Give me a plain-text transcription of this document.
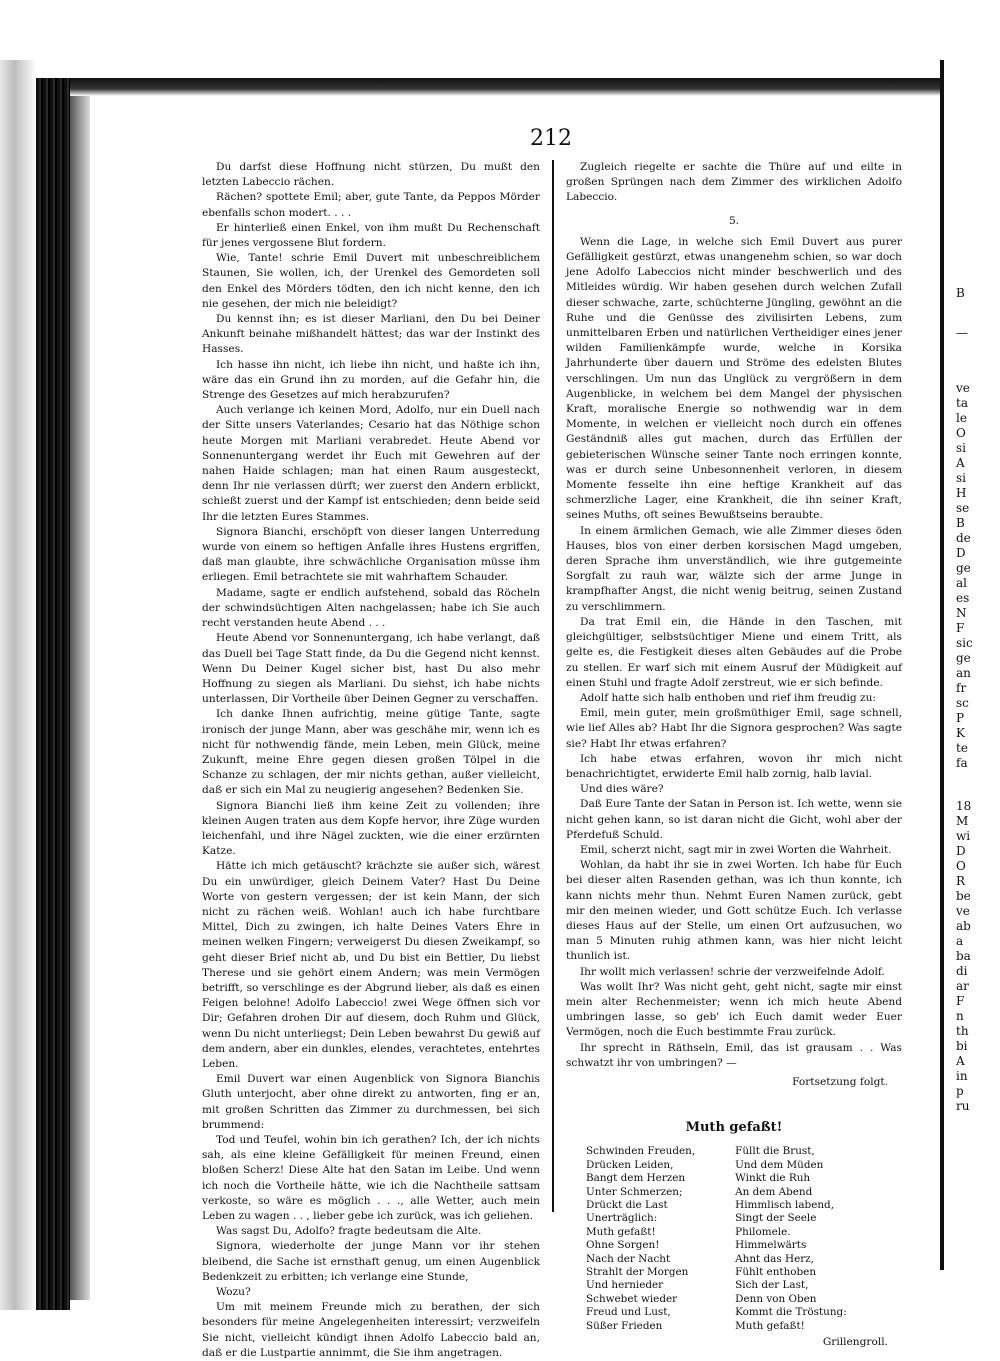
B
—
ve
ta
le
O
si
A
si
H
se
B
de
D
ge
al
es
N
F
sic
ge
an
fr
sc
P
K
te
fa
18
M
wi
D
O
R
be
ve
ab
a
ba
di
ar
F
n
th
bi
A
in
p
ru
212

Du darfst diese Hoffnung nicht stürzen, Du mußt den letzten Labeccio rächen.

Rächen? spottete Emil; aber, gute Tante, da Peppos Mörder ebenfalls schon modert. . . .

Er hinterließ einen Enkel, von ihm mußt Du Rechenschaft für jenes vergossene Blut fordern.

Wie, Tante! schrie Emil Duvert mit unbeschreiblichem Staunen, Sie wollen, ich, der Urenkel des Gemordeten soll den Enkel des Mörders tödten, den ich nicht kenne, den ich nie gesehen, der mich nie beleidigt?

Du kennst ihn; es ist dieser Marliani, den Du bei Deiner Ankunft beinahe mißhandelt hättest; das war der Instinkt des Hasses.

Ich hasse ihn nicht, ich liebe ihn nicht, und haßte ich ihn, wäre das ein Grund ihn zu morden, auf die Gefahr hin, die Strenge des Gesetzes auf mich herabzurufen?

Auch verlange ich keinen Mord, Adolfo, nur ein Duell nach der Sitte unsers Vaterlandes; Cesario hat das Nöthige schon heute Morgen mit Marliani verabredet. Heute Abend vor Sonnenuntergang werdet ihr Euch mit Gewehren auf der nahen Haide schlagen; man hat einen Raum ausgesteckt, denn Ihr nie verlassen dürft; wer zuerst den Andern erblickt, schießt zuerst und der Kampf ist entschieden; denn beide seid Ihr die letzten Eures Stammes.

Signora Bianchi, erschöpft von dieser langen Unterredung wurde von einem so heftigen Anfalle ihres Hustens ergriffen, daß man glaubte, ihre schwächliche Organisation müsse ihm erliegen. Emil betrachtete sie mit wahrhaftem Schauder.

Madame, sagte er endlich aufstehend, sobald das Röcheln der schwindsüchtigen Alten nachgelassen; habe ich Sie auch recht verstanden heute Abend . . .

Heute Abend vor Sonnenuntergang, ich habe verlangt, daß das Duell bei Tage Statt finde, da Du die Gegend nicht kennst. Wenn Du Deiner Kugel sicher bist, hast Du also mehr Hoffnung zu siegen als Marliani. Du siehst, ich habe nichts unterlassen, Dir Vortheile über Deinen Gegner zu verschaffen.

Ich danke Ihnen aufrichtig, meine gütige Tante, sagte ironisch der junge Mann, aber was geschähe mir, wenn ich es nicht für nothwendig fände, mein Leben, mein Glück, meine Zukunft, meine Ehre gegen diesen großen Tölpel in die Schanze zu schlagen, der mir nichts gethan, außer vielleicht, daß er sich ein Mal zu neugierig angesehen? Bedenken Sie.

Signora Bianchi ließ ihm keine Zeit zu vollenden; ihre kleinen Augen traten aus dem Kopfe hervor, ihre Züge wurden leichenfahl, und ihre Nägel zuckten, wie die einer erzürnten Katze.

Hätte ich mich getäuscht? krächzte sie außer sich, wärest Du ein unwürdiger, gleich Deinem Vater? Hast Du Deine Worte von gestern vergessen; der ist kein Mann, der sich nicht zu rächen weiß. Wohlan! auch ich habe furchtbare Mittel, Dich zu zwingen, ich halte Deines Vaters Ehre in meinen welken Fingern; verweigerst Du diesen Zweikampf, so geht dieser Brief nicht ab, und Du bist ein Bettler, Du liebst Therese und sie gehört einem Andern; was mein Vermögen betrifft, so verschlinge es der Abgrund lieber, als daß es einen Feigen belohne! Adolfo Labeccio! zwei Wege öffnen sich vor Dir; Gefahren drohen Dir auf diesem, doch Ruhm und Glück, wenn Du nicht unterliegst; Dein Leben bewahrst Du gewiß auf dem andern, aber ein dunkles, elendes, verachtetes, entehrtes Leben.

Emil Duvert war einen Augenblick von Signora Bianchis Gluth unterjocht, aber ohne direkt zu antworten, fing er an, mit großen Schritten das Zimmer zu durchmessen, bei sich brummend:

Tod und Teufel, wohin bin ich gerathen? Ich, der ich nichts sah, als eine kleine Gefälligkeit für meinen Freund, einen bloßen Scherz! Diese Alte hat den Satan im Leibe. Und wenn ich noch die Vortheile hätte, wie ich die Nachtheile sattsam verkoste, so wäre es möglich . . ., alle Wetter, auch mein Leben zu wagen . . , lieber gebe ich zurück, was ich geliehen.

Was sagst Du, Adolfo? fragte bedeutsam die Alte.

Signora, wiederholte der junge Mann vor ihr stehen bleibend, die Sache ist ernsthaft genug, um einen Augenblick Bedenkzeit zu erbitten; ich verlange eine Stunde,

Wozu?

Um mit meinem Freunde mich zu berathen, der sich besonders für meine Angelegenheiten interessirt; verzweifeln Sie nicht, vielleicht kündigt ihnen Adolfo Labeccio bald an, daß er die Lustpartie annimmt, die Sie ihm angetragen.

Zugleich riegelte er sachte die Thüre auf und eilte in großen Sprüngen nach dem Zimmer des wirklichen Adolfo Labeccio.

5.

Wenn die Lage, in welche sich Emil Duvert aus purer Gefälligkeit gestürzt, etwas unangenehm schien, so war doch jene Adolfo Labeccios nicht minder beschwerlich und des Mitleides würdig. Wir haben gesehen durch welchen Zufall dieser schwache, zarte, schüchterne Jüngling, gewöhnt an die Ruhe und die Genüsse des zivilisirten Lebens, zum unmittelbaren Erben und natürlichen Vertheidiger eines jener wilden Familienkämpfe wurde, welche in Korsika Jahrhunderte über dauern und Ströme des edelsten Blutes verschlingen. Um nun das Unglück zu vergrößern in dem Augenblicke, in welchem bei dem Mangel der physischen Kraft, moralische Energie so nothwendig war in dem Momente, in welchen er vielleicht noch durch ein offenes Geständniß alles gut machen, durch das Erfüllen der gebieterischen Wünsche seiner Tante noch erringen konnte, was er durch seine Unbesonnenheit verloren, in diesem Momente fesselte ihn eine heftige Krankheit auf das schmerzliche Lager, eine Krankheit, die ihn seiner Kraft, seines Muths, oft seines Bewußtseins beraubte.

In einem ärmlichen Gemach, wie alle Zimmer dieses öden Hauses, blos von einer derben korsischen Magd umgeben, deren Sprache ihm unverständlich, wie ihre gutgemeinte Sorgfalt zu rauh war, wälzte sich der arme Junge in krampfhafter Angst, die nicht wenig beitrug, seinen Zustand zu verschlimmern.

Da trat Emil ein, die Hände in den Taschen, mit gleichgültiger, selbstsüchtiger Miene und einem Tritt, als gelte es, die Festigkeit dieses alten Gebäudes auf die Probe zu stellen. Er warf sich mit einem Ausruf der Müdigkeit auf einen Stuhl und fragte Adolf zerstreut, wie er sich befinde.

Adolf hatte sich halb enthoben und rief ihm freudig zu:

Emil, mein guter, mein großmüthiger Emil, sage schnell, wie lief Alles ab? Habt Ihr die Signora gesprochen? Was sagte sie? Habt Ihr etwas erfahren?

Ich habe etwas erfahren, wovon ihr mich nicht benachrichtigtet, erwiderte Emil halb zornig, halb lavial.

Und dies wäre?

Daß Eure Tante der Satan in Person ist. Ich wette, wenn sie nicht gehen kann, so ist daran nicht die Gicht, wohl aber der Pferdefuß Schuld.

Emil, scherzt nicht, sagt mir in zwei Worten die Wahrheit.

Wohlan, da habt ihr sie in zwei Worten. Ich habe für Euch bei dieser alten Rasenden gethan, was ich thun konnte, ich kann nichts mehr thun. Nehmt Euren Namen zurück, gebt mir den meinen wieder, und Gott schütze Euch. Ich verlasse dieses Haus auf der Stelle, um einen Ort aufzusuchen, wo man 5 Minuten ruhig athmen kann, was hier nicht leicht thunlich ist.

Ihr wollt mich verlassen! schrie der verzweifelnde Adolf.

Was wollt Ihr? Was nicht geht, geht nicht, sagte mir einst mein alter Rechenmeister; wenn ich mich heute Abend umbringen lasse, so geb' ich Euch damit weder Euer Vermögen, noch die Euch bestimmte Frau zurück.

Ihr sprecht in Räthseln, Emil, das ist grausam . . Was schwatzt ihr von umbringen? —

Fortsetzung folgt.

Muth gefaßt!
Schwinden Freuden,
Drücken Leiden,
Bangt dem Herzen
Unter Schmerzen;
Drückt die Last
Unerträglich:
Muth gefaßt!
Ohne Sorgen!
Nach der Nacht
Strahlt der Morgen
Und hernieder
Schwebet wieder
Freud und Lust,
Süßer Frieden
Füllt die Brust,
Und dem Müden
Winkt die Ruh
An dem Abend
Himmlisch labend,
Singt der Seele
Philomele.
Himmelwärts
Ahnt das Herz,
Fühlt enthoben
Sich der Last,
Denn von Oben
Kommt die Tröstung:
Muth gefaßt!
Grillengroll.
